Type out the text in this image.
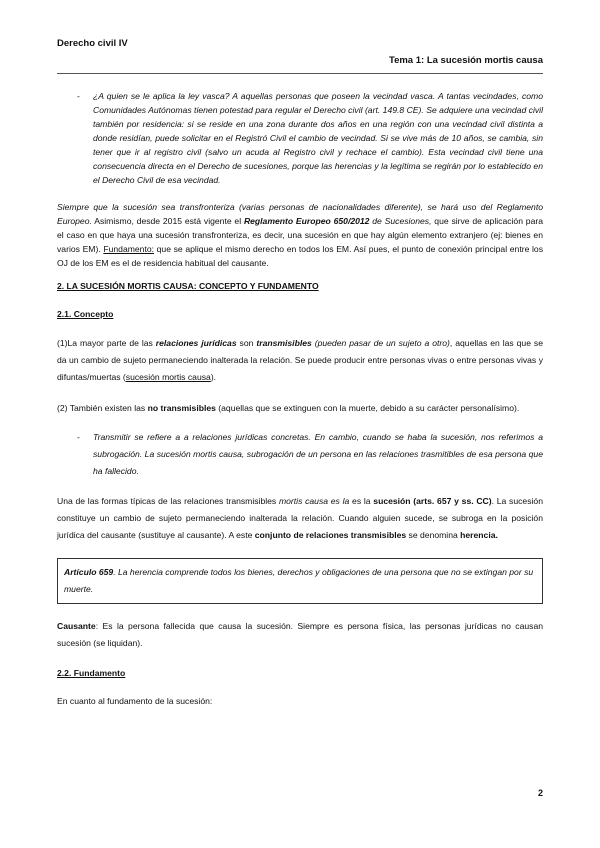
Derecho civil IV
Tema 1: La sucesión mortis causa
-	¿A quien se le aplica la ley vasca? A aquellas personas que poseen la vecindad vasca. A tantas vecindades, como Comunidades Autónomas tienen potestad para regular el Derecho civil (art. 149.8 CE). Se adquiere una vecindad civil también por residencia: si se reside en una zona durante dos años en una región con una vecindad civil distinta a donde residían, puede solicitar en el Registró Civil el cambio de vecindad. Si se vive más de 10 años, se cambia, sin tener que ir al registro civil (salvo un acuda al Registro civil y rechace el cambio). Esta vecindad civil tiene una consecuencia directa en el Derecho de sucesiones, porque las herencias y la legítima se regirán por lo establecido en el Derecho Civil de esa vecindad.

Siempre que la sucesión sea transfronteriza (varias personas de nacionalidades diferente), se hará uso del Reglamento Europeo. Asimismo, desde 2015 está vigente el Reglamento Europeo 650/2012 de Sucesiones, que sirve de aplicación para el caso en que haya una sucesión transfronteriza, es decir, una sucesión en que hay algún elemento extranjero (ej: bienes en varios EM). Fundamento: que se aplique el mismo derecho en todos los EM. Así pues, el punto de conexión principal entre los OJ de los EM es el de residencia habitual del causante.

2. LA SUCESIÓN MORTIS CAUSA: CONCEPTO Y FUNDAMENTO

2.1. Concepto

(1)La mayor parte de las relaciones jurídicas son transmisibles (pueden pasar de un sujeto a otro), aquellas en las que se da un cambio de sujeto permaneciendo inalterada la relación. Se puede producir entre personas vivas o entre personas vivas y difuntas/muertas (sucesión mortis causa).

(2) También existen las no transmisibles (aquellas que se extinguen con la muerte, debido a su carácter personalísimo).

-	Transmitir se refiere a a relaciones jurídicas concretas. En cambio, cuando se haba la sucesión, nos referimos a subrogación. La sucesión mortis causa, subrogación de un persona en las relaciones trasmitibles de esa persona que ha fallecido.

Una de las formas típicas de las relaciones transmisibles mortis causa es la es la sucesión (arts. 657 y ss. CC). La sucesión constituye un cambio de sujeto permaneciendo inalterada la relación. Cuando alguien sucede, se subroga en la posición jurídica del causante (sustituye al causante). A este conjunto de relaciones transmisibles se denomina herencia.

Artículo 659. La herencia comprende todos los bienes, derechos y obligaciones de una persona que no se extingan por su muerte.

Causante: Es la persona fallecida que causa la sucesión. Siempre es persona física, las personas jurídicas no causan sucesión (se liquidan).

2.2. Fundamento

En cuanto al fundamento de la sucesión:

2
